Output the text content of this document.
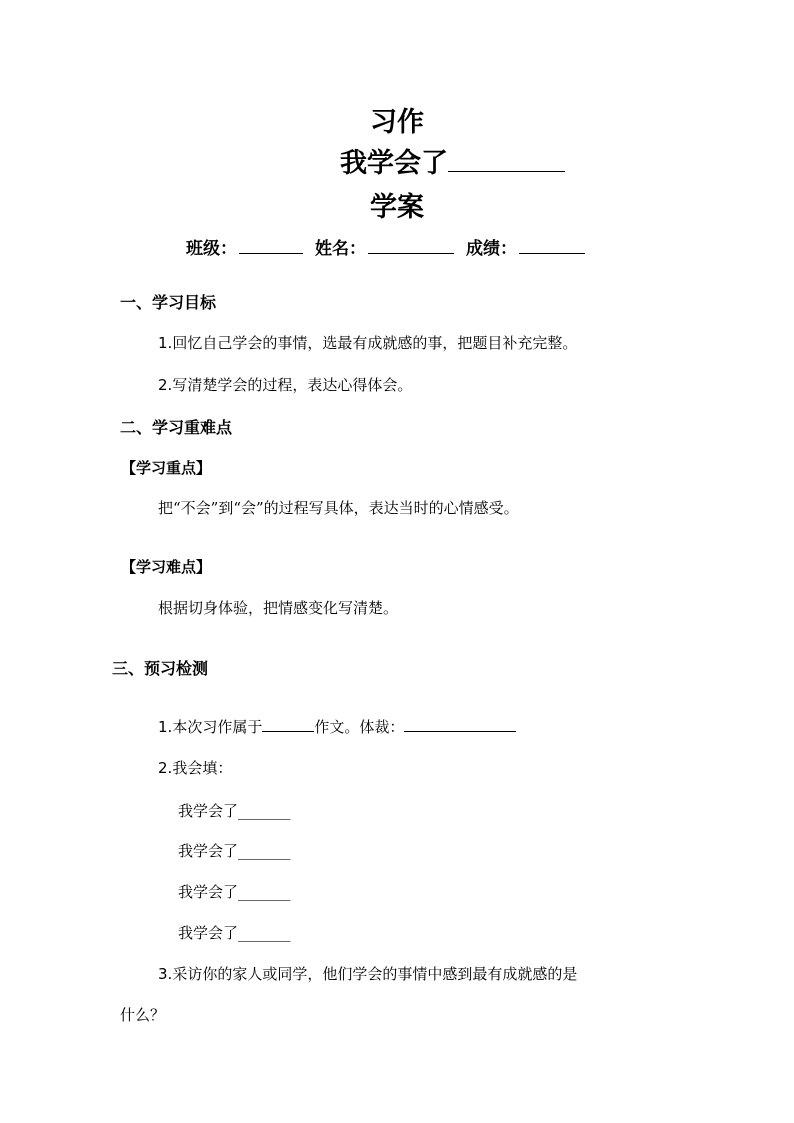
习作
我学会了
学案
班级：	姓名：	成绩：
一、学习目标
1.回忆自己学会的事情，选最有成就感的事，把题目补充完整。
2.写清楚学会的过程，表达心得体会。
二、学习重难点
【学习重点】
把“不会”到“会”的过程写具体，表达当时的心情感受。
【学习难点】
根据切身体验，把情感变化写清楚。
三、预习检测
1.本次习作属于	作文。体裁：
2.我会填：
我学会了_______
我学会了_______
我学会了_______
我学会了_______
3.采访你的家人或同学，他们学会的事情中感到最有成就感的是
什么？
